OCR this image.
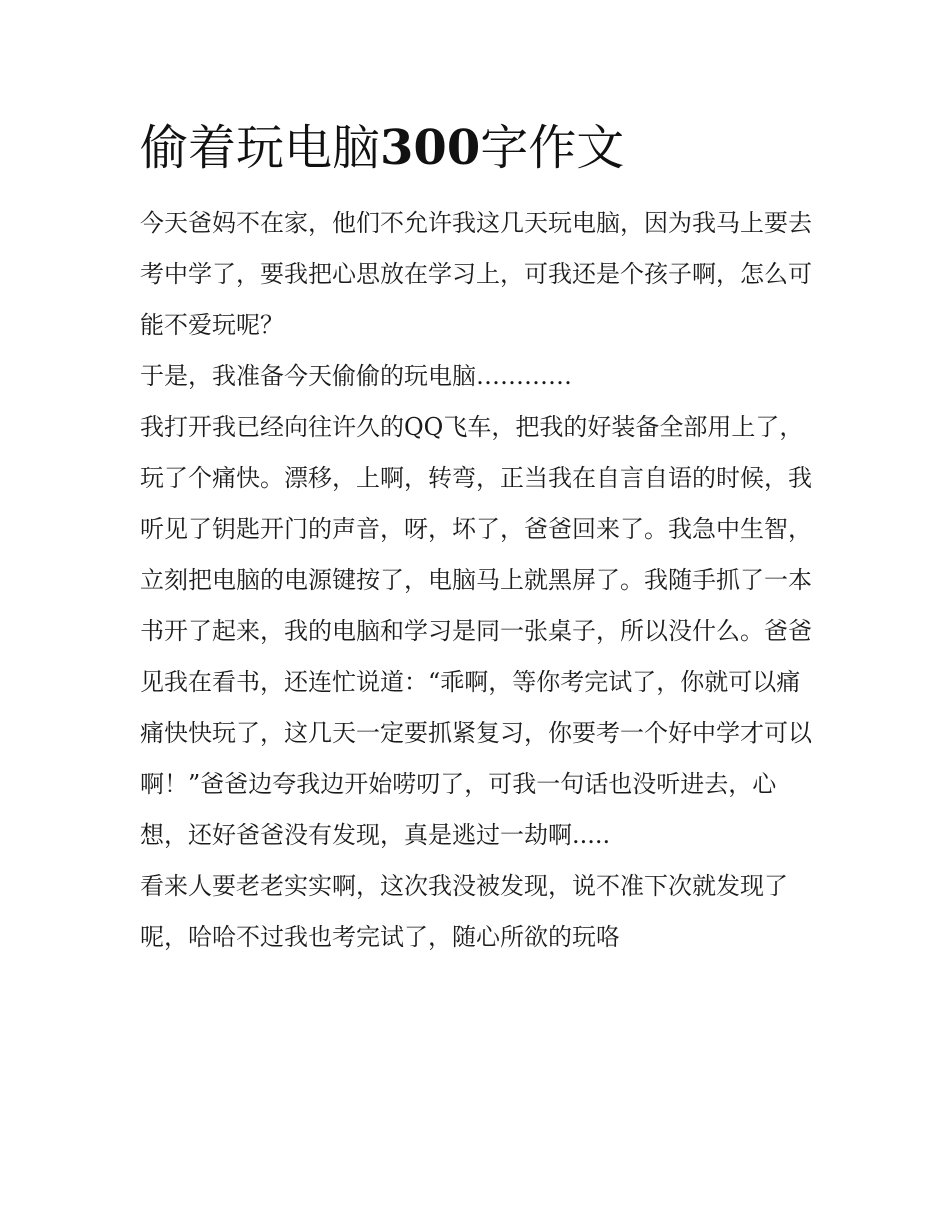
偷着玩电脑300字作文

今天爸妈不在家，他们不允许我这几天玩电脑，因为我马上要去考中学了，要我把心思放在学习上，可我还是个孩子啊，怎么可能不爱玩呢？

于是，我准备今天偷偷的玩电脑…………

我打开我已经向往许久的QQ飞车，把我的好装备全部用上了，玩了个痛快。漂移，上啊，转弯，正当我在自言自语的时候，我听见了钥匙开门的声音，呀，坏了，爸爸回来了。我急中生智，立刻把电脑的电源键按了，电脑马上就黑屏了。我随手抓了一本书开了起来，我的电脑和学习是同一张桌子，所以没什么。爸爸见我在看书，还连忙说道：“乖啊，等你考完试了，你就可以痛痛快快玩了，这几天一定要抓紧复习，你要考一个好中学才可以啊！”爸爸边夸我边开始唠叨了，可我一句话也没听进去，心想，还好爸爸没有发现，真是逃过一劫啊.....

看来人要老老实实啊，这次我没被发现，说不准下次就发现了呢，哈哈不过我也考完试了，随心所欲的玩咯
